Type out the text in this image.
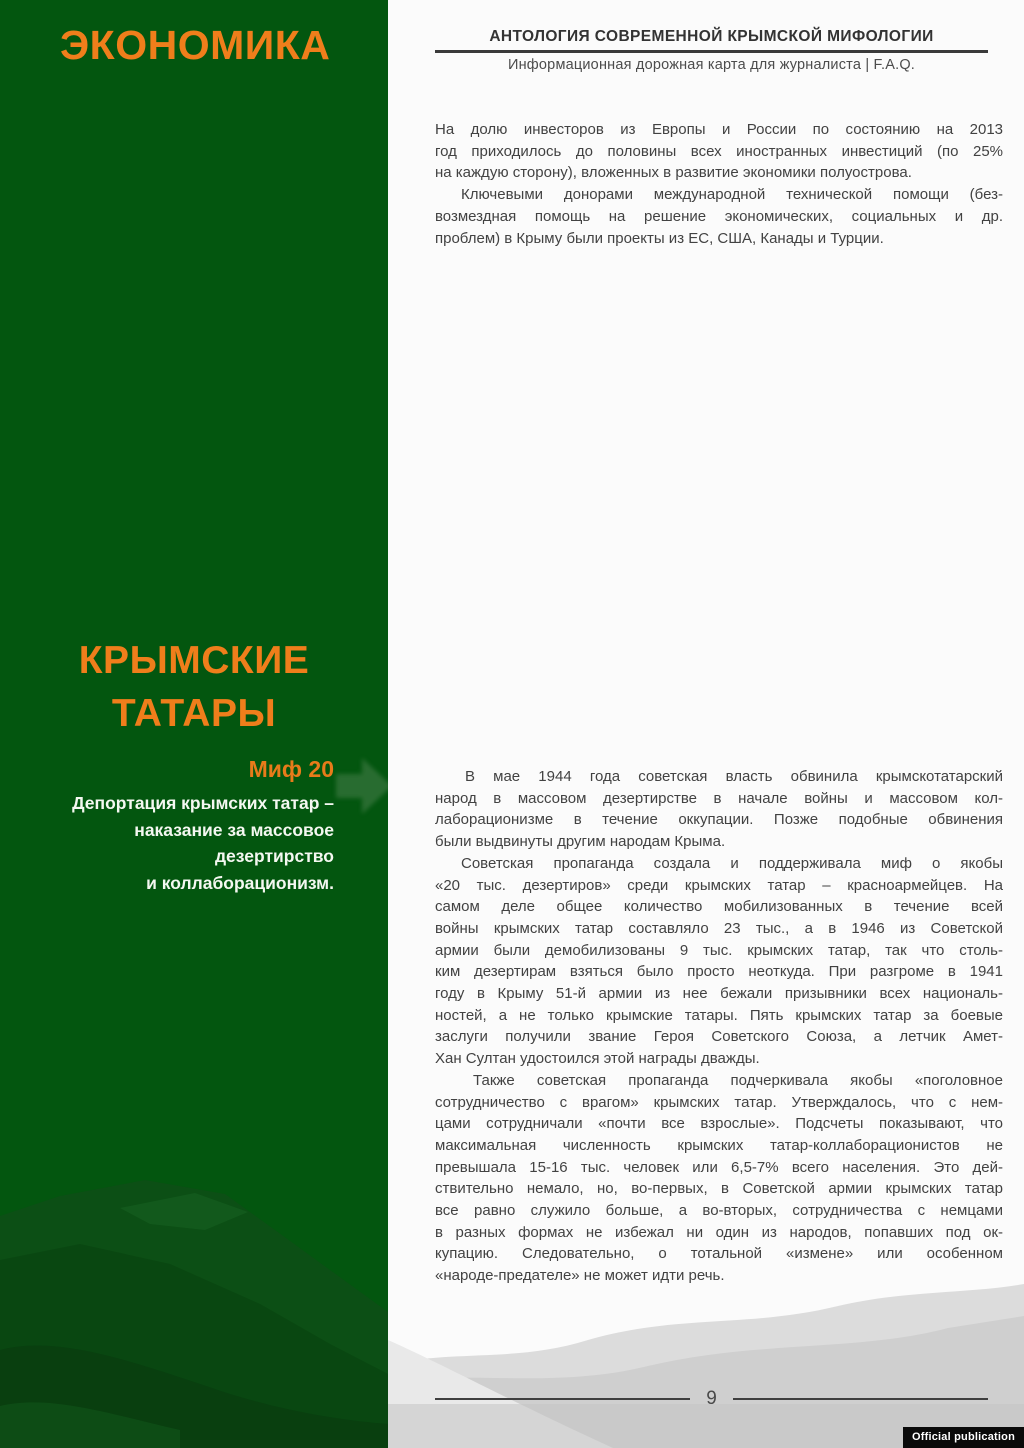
ЭКОНОМИКА
КРЫМСКИЕ
ТАТАРЫ
Миф 20
Депортация крымских татар –
наказание за массовое дезертирство
и коллаборационизм.
АНТОЛОГИЯ СОВРЕМЕННОЙ КРЫМСКОЙ МИФОЛОГИИ
Информационная дорожная карта для журналиста | F.A.Q.
На долю инвесторов из Европы и России по состоянию на 2013
год приходилось до половины всех иностранных инвестиций (по 25%
на каждую сторону), вложенных в развитие экономики полуострова.
Ключевыми донорами международной технической помощи (без-
возмездная помощь на решение экономических, социальных и др.
проблем) в Крыму были проекты из ЕС, США, Канады и Турции.
В мае 1944 года советская власть обвинила крымскотатарский
народ в массовом дезертирстве в начале войны и массовом кол-
лаборационизме в течение оккупации. Позже подобные обвинения
были выдвинуты другим народам Крыма.
Советская пропаганда создала и поддерживала миф о якобы
«20 тыс. дезертиров» среди крымских татар – красноармейцев. На
самом деле общее количество мобилизованных в течение всей
войны крымских татар составляло 23 тыс., а в 1946 из Советской
армии были демобилизованы 9 тыс. крымских татар, так что столь-
ким дезертирам взяться было просто неоткуда. При разгроме в 1941
году в Крыму 51-й армии из нее бежали призывники всех националь-
ностей, а не только крымские татары. Пять крымских татар за боевые
заслуги получили звание Героя Советского Союза, а летчик Амет-
Хан Султан удостоился этой награды дважды.
Также советская пропаганда подчеркивала якобы «поголовное
сотрудничество с врагом» крымских татар. Утверждалось, что с нем-
цами сотрудничали «почти все взрослые». Подсчеты показывают, что
максимальная численность крымских татар-коллаборационистов не
превышала 15-16 тыс. человек или 6,5-7% всего населения. Это дей-
ствительно немало, но, во-первых, в Советской армии крымских татар
все равно служило больше, а во-вторых, сотрудничества с немцами
в разных формах не избежал ни один из народов, попавших под ок-
купацию. Следовательно, о тотальной «измене» или особенном
«народе-предателе» не может идти речь.
9
Official publication
